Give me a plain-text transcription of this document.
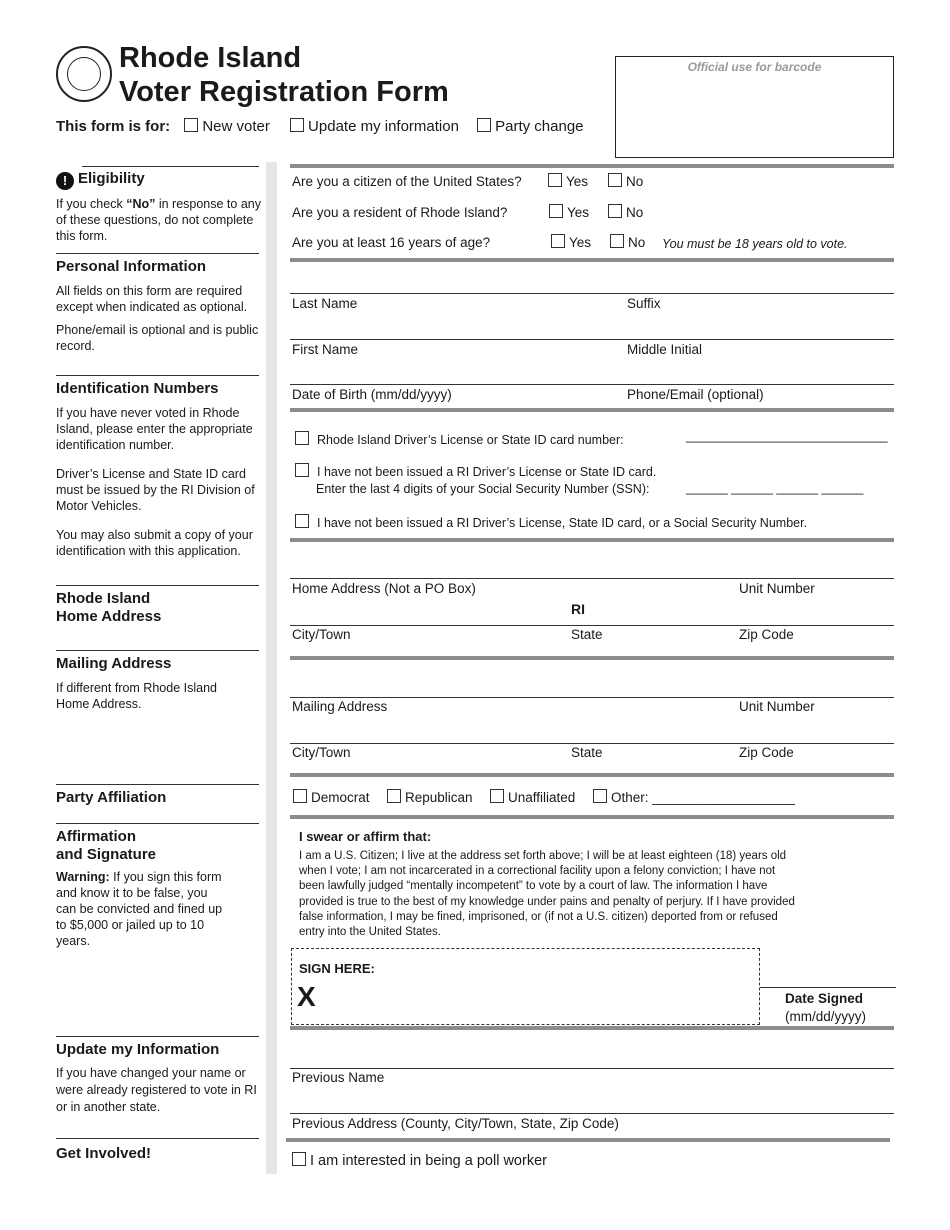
Rhode Island
Voter Registration Form
This form is for: New voter	Update my information Party change
Official use for barcode
! Eligibility
If you check “No” in response to any of these questions, do not complete this form.
Personal Information

All fields on this form are required except when indicated as optional.

Phone/email is optional and is public record.

Identification Numbers

If you have never voted in Rhode Island, please enter the appropriate identification number.

Driver’s License and State ID card must be issued by the RI Division of Motor Vehicles.

You may also submit a copy of your identification with this application.

Rhode Island
Home Address
Mailing Address
If different from Rhode Island Home Address.
Party Affiliation
Affirmation
and Signature
Warning: If you sign this form and know it to be false, you can be convicted and fined up to $5,000 or jailed up to 10 years.
Update my Information
If you have changed your name or were already registered to vote in RI or in another state.
Get Involved!
Are you a citizen of the United States?	Yes	No
Are you a resident of Rhode Island?	Yes	No
Are you at least 16 years of age?	Yes	No You must be 18 years old to vote.
Last Name	Suffix
First Name	Middle Initial
Date of Birth (mm/dd/yyyy)	Phone/Email (optional)
Rhode Island Driver’s License or State ID card number:	_____________________________
I have not been issued a RI Driver’s License or State ID card.
Enter the last 4 digits of your Social Security Number (SSN):	______ ______ ______ ______
I have not been issued a RI Driver’s License, State ID card, or a Social Security Number.
Home Address (Not a PO Box)	Unit Number
RI
City/Town	State	Zip Code
Mailing Address	Unit Number
City/Town	State	Zip Code
Democrat	Republican	Unaffiliated	Other: ___________________
I swear or affirm that:
I am a U.S. Citizen; I live at the address set forth above; I will be at least eighteen (18) years old
when I vote; I am not incarcerated in a correctional facility upon a felony conviction; I have not
been lawfully judged “mentally incompetent” to vote by a court of law. The information I have
provided is true to the best of my knowledge under pains and penalty of perjury. If I have provided
false information, I may be fined, imprisoned, or (if not a U.S. citizen) deported from or refused
entry into the United States.
SIGN HERE:
X	Date Signed
(mm/dd/yyyy)
Previous Name
Previous Address (County, City/Town, State, Zip Code)
I am interested in being a poll worker
